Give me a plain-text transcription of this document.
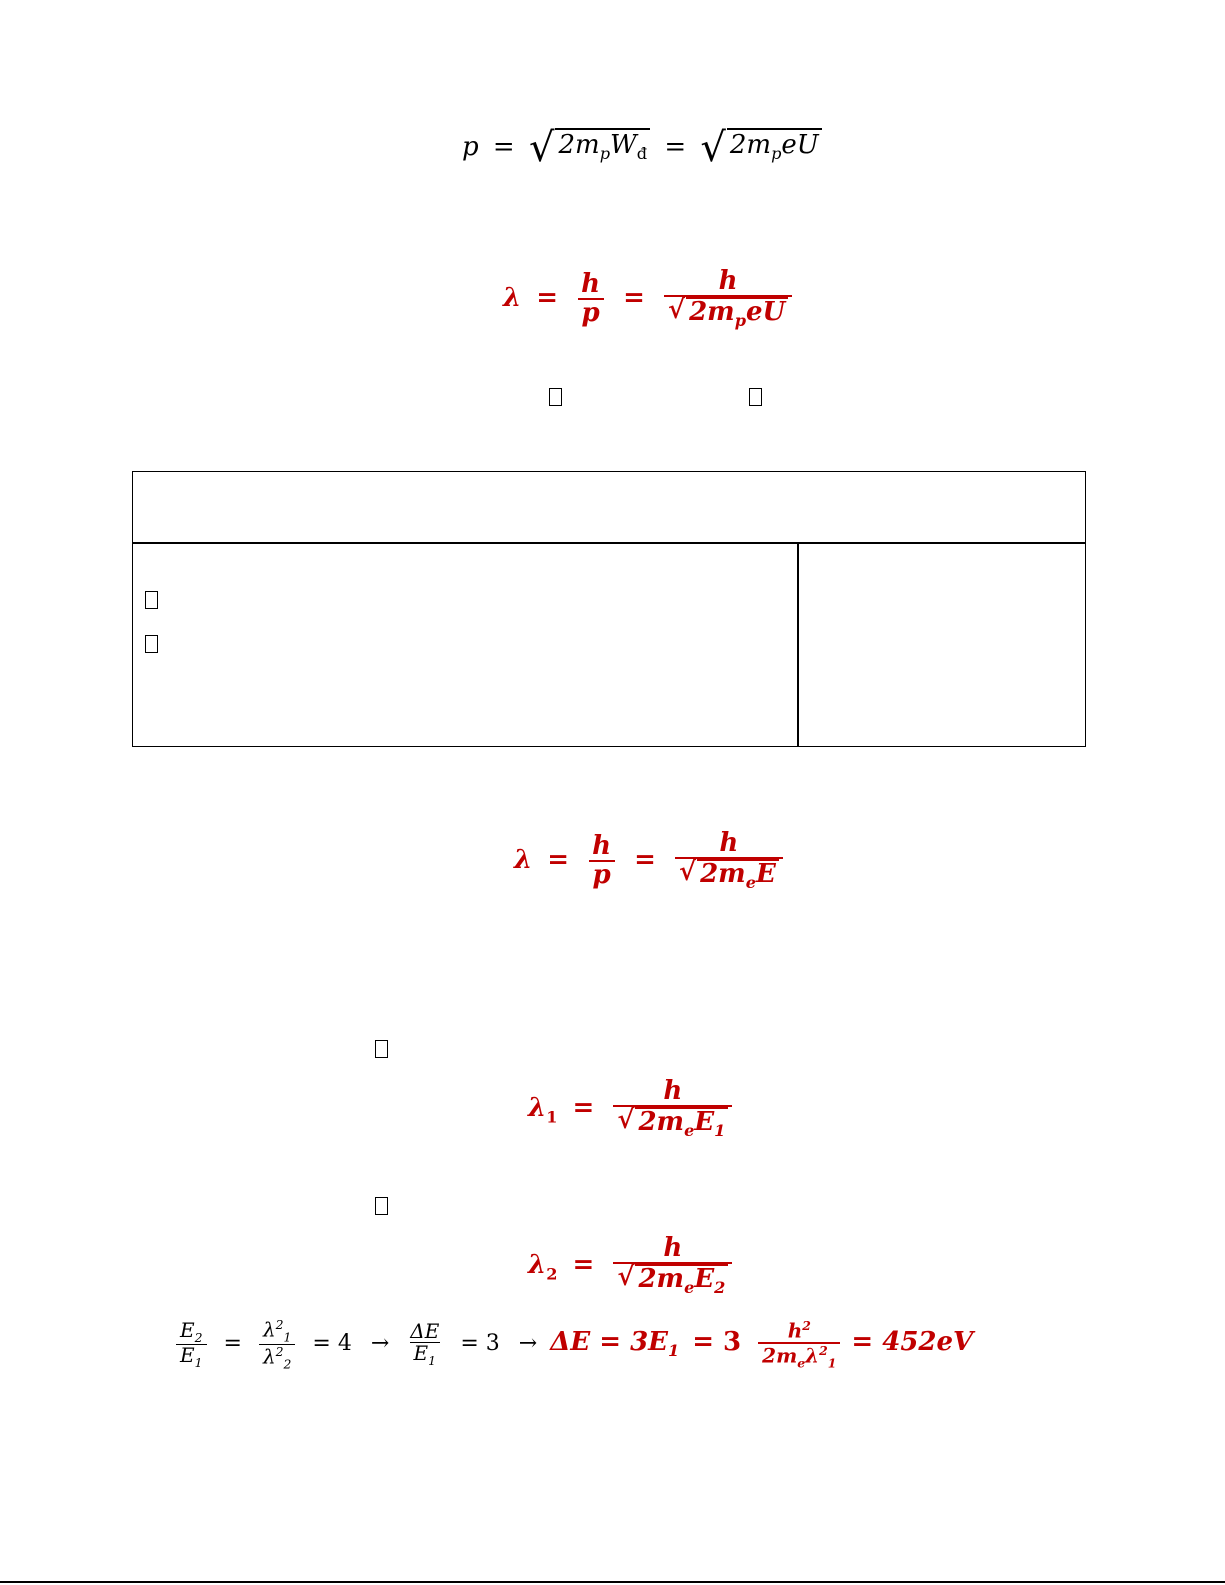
p = √ $2m_pW_đ$ = √ $2m_peU$
$\lambda = \frac{h}{p} = \frac{h}{√ 2m_peU}$
$\lambda = \frac{h}{p} = \frac{h}{√ 2m_eE}$
$\lambda_1 = \frac{h}{√ 2m_eE_1}$
$\lambda_2 = \frac{h}{√ 2m_eE_2}$
$\frac{E_2}{E_1} = \frac{\lambda^2_1}{\lambda^2_2} = 4 \to \frac{\Delta E}{E_1} = 3 \to \Delta E = 3E_1 = 3 \frac{h^2}{2m_e\lambda^2_1} = 452eV$
